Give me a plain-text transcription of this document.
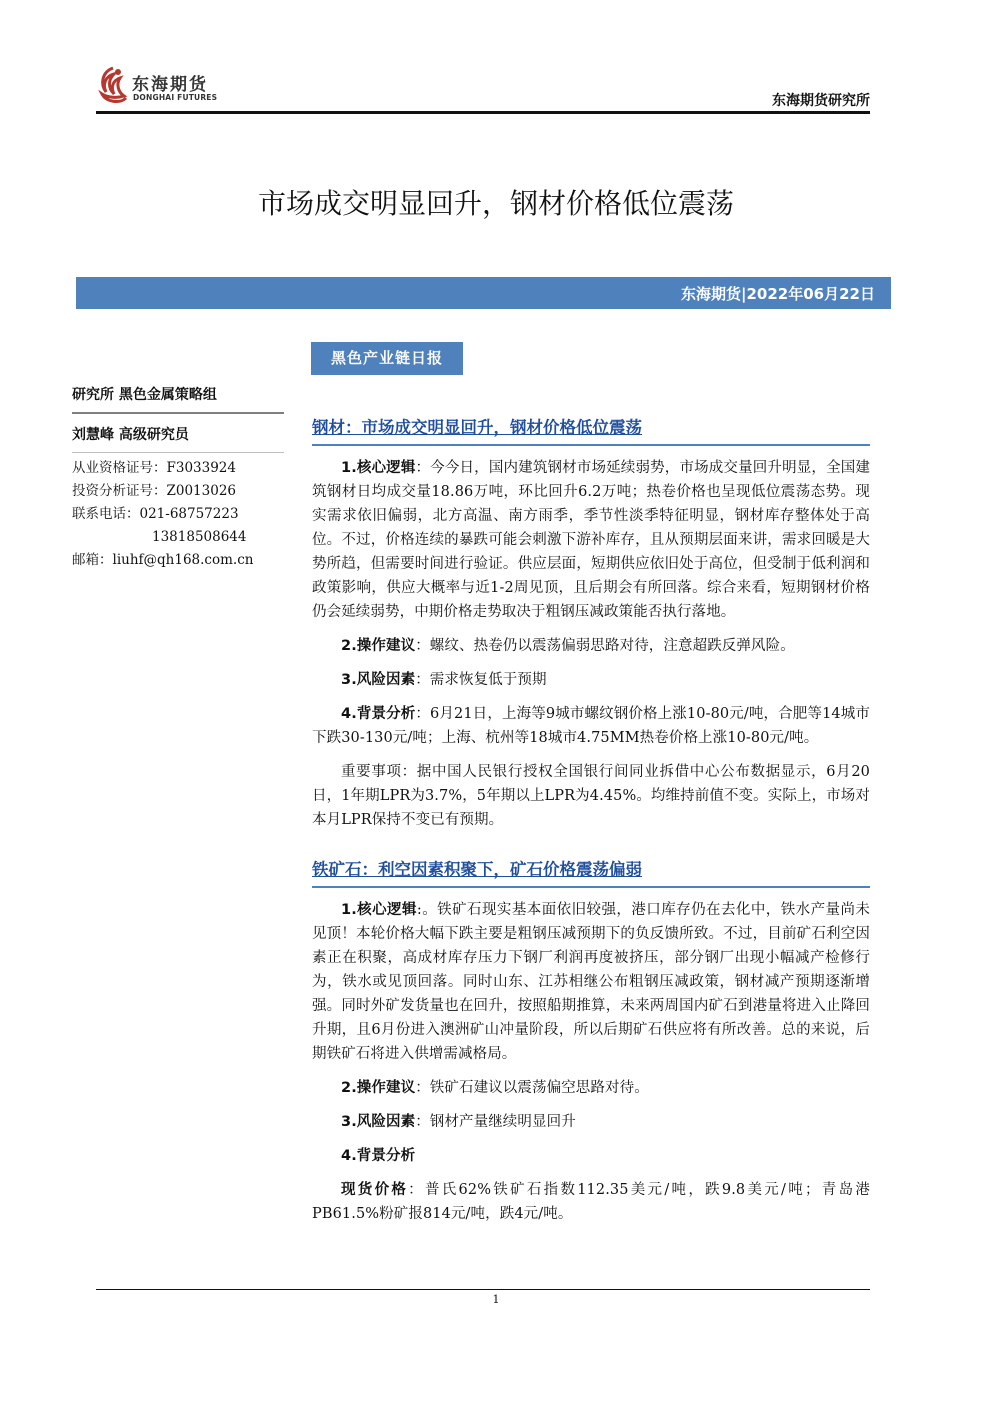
东海期货
DONGHAI FUTURES	东海期货研究所
市场成交明显回升，钢材价格低位震荡
东海期货|2022年06月22日
黑色产业链日报
研究所 黑色金属策略组
刘慧峰 高级研究员
从业资格证号：F3033924
投资分析证号：Z0013026
联系电话：021-68757223
13818508644
邮箱：liuhf@qh168.com.cn
钢材：市场成交明显回升，钢材价格低位震荡

1.核心逻辑：今今日，国内建筑钢材市场延续弱势，市场成交量回升明显，全国建筑钢材日均成交量18.86万吨，环比回升6.2万吨；热卷价格也呈现低位震荡态势。现实需求依旧偏弱，北方高温、南方雨季，季节性淡季特征明显，钢材库存整体处于高位。不过，价格连续的暴跌可能会刺激下游补库存，且从预期层面来讲，需求回暖是大势所趋，但需要时间进行验证。供应层面，短期供应依旧处于高位，但受制于低利润和政策影响，供应大概率与近1-2周见顶，且后期会有所回落。综合来看，短期钢材价格仍会延续弱势，中期价格走势取决于粗钢压减政策能否执行落地。

2.操作建议：螺纹、热卷仍以震荡偏弱思路对待，注意超跌反弹风险。

3.风险因素：需求恢复低于预期

4.背景分析：6月21日，上海等9城市螺纹钢价格上涨10-80元/吨，合肥等14城市下跌30-130元/吨；上海、杭州等18城市4.75MM热卷价格上涨10-80元/吨。

重要事项：据中国人民银行授权全国银行间同业拆借中心公布数据显示，6月20日，1年期LPR为3.7%，5年期以上LPR为4.45%。均维持前值不变。实际上，市场对本月LPR保持不变已有预期。

铁矿石：利空因素积聚下，矿石价格震荡偏弱

1.核心逻辑:。铁矿石现实基本面依旧较强，港口库存仍在去化中，铁水产量尚未见顶！本轮价格大幅下跌主要是粗钢压减预期下的负反馈所致。不过，目前矿石利空因素正在积聚，高成材库存压力下钢厂利润再度被挤压，部分钢厂出现小幅减产检修行为，铁水或见顶回落。同时山东、江苏相继公布粗钢压减政策，钢材减产预期逐渐增强。同时外矿发货量也在回升，按照船期推算，未来两周国内矿石到港量将进入止降回升期，且6月份进入澳洲矿山冲量阶段，所以后期矿石供应将有所改善。总的来说，后期铁矿石将进入供增需减格局。

2.操作建议：铁矿石建议以震荡偏空思路对待。

3.风险因素：钢材产量继续明显回升

4.背景分析

现货价格：普氏62%铁矿石指数112.35美元/吨，跌9.8美元/吨；青岛港PB61.5%粉矿报814元/吨，跌4元/吨。

1
